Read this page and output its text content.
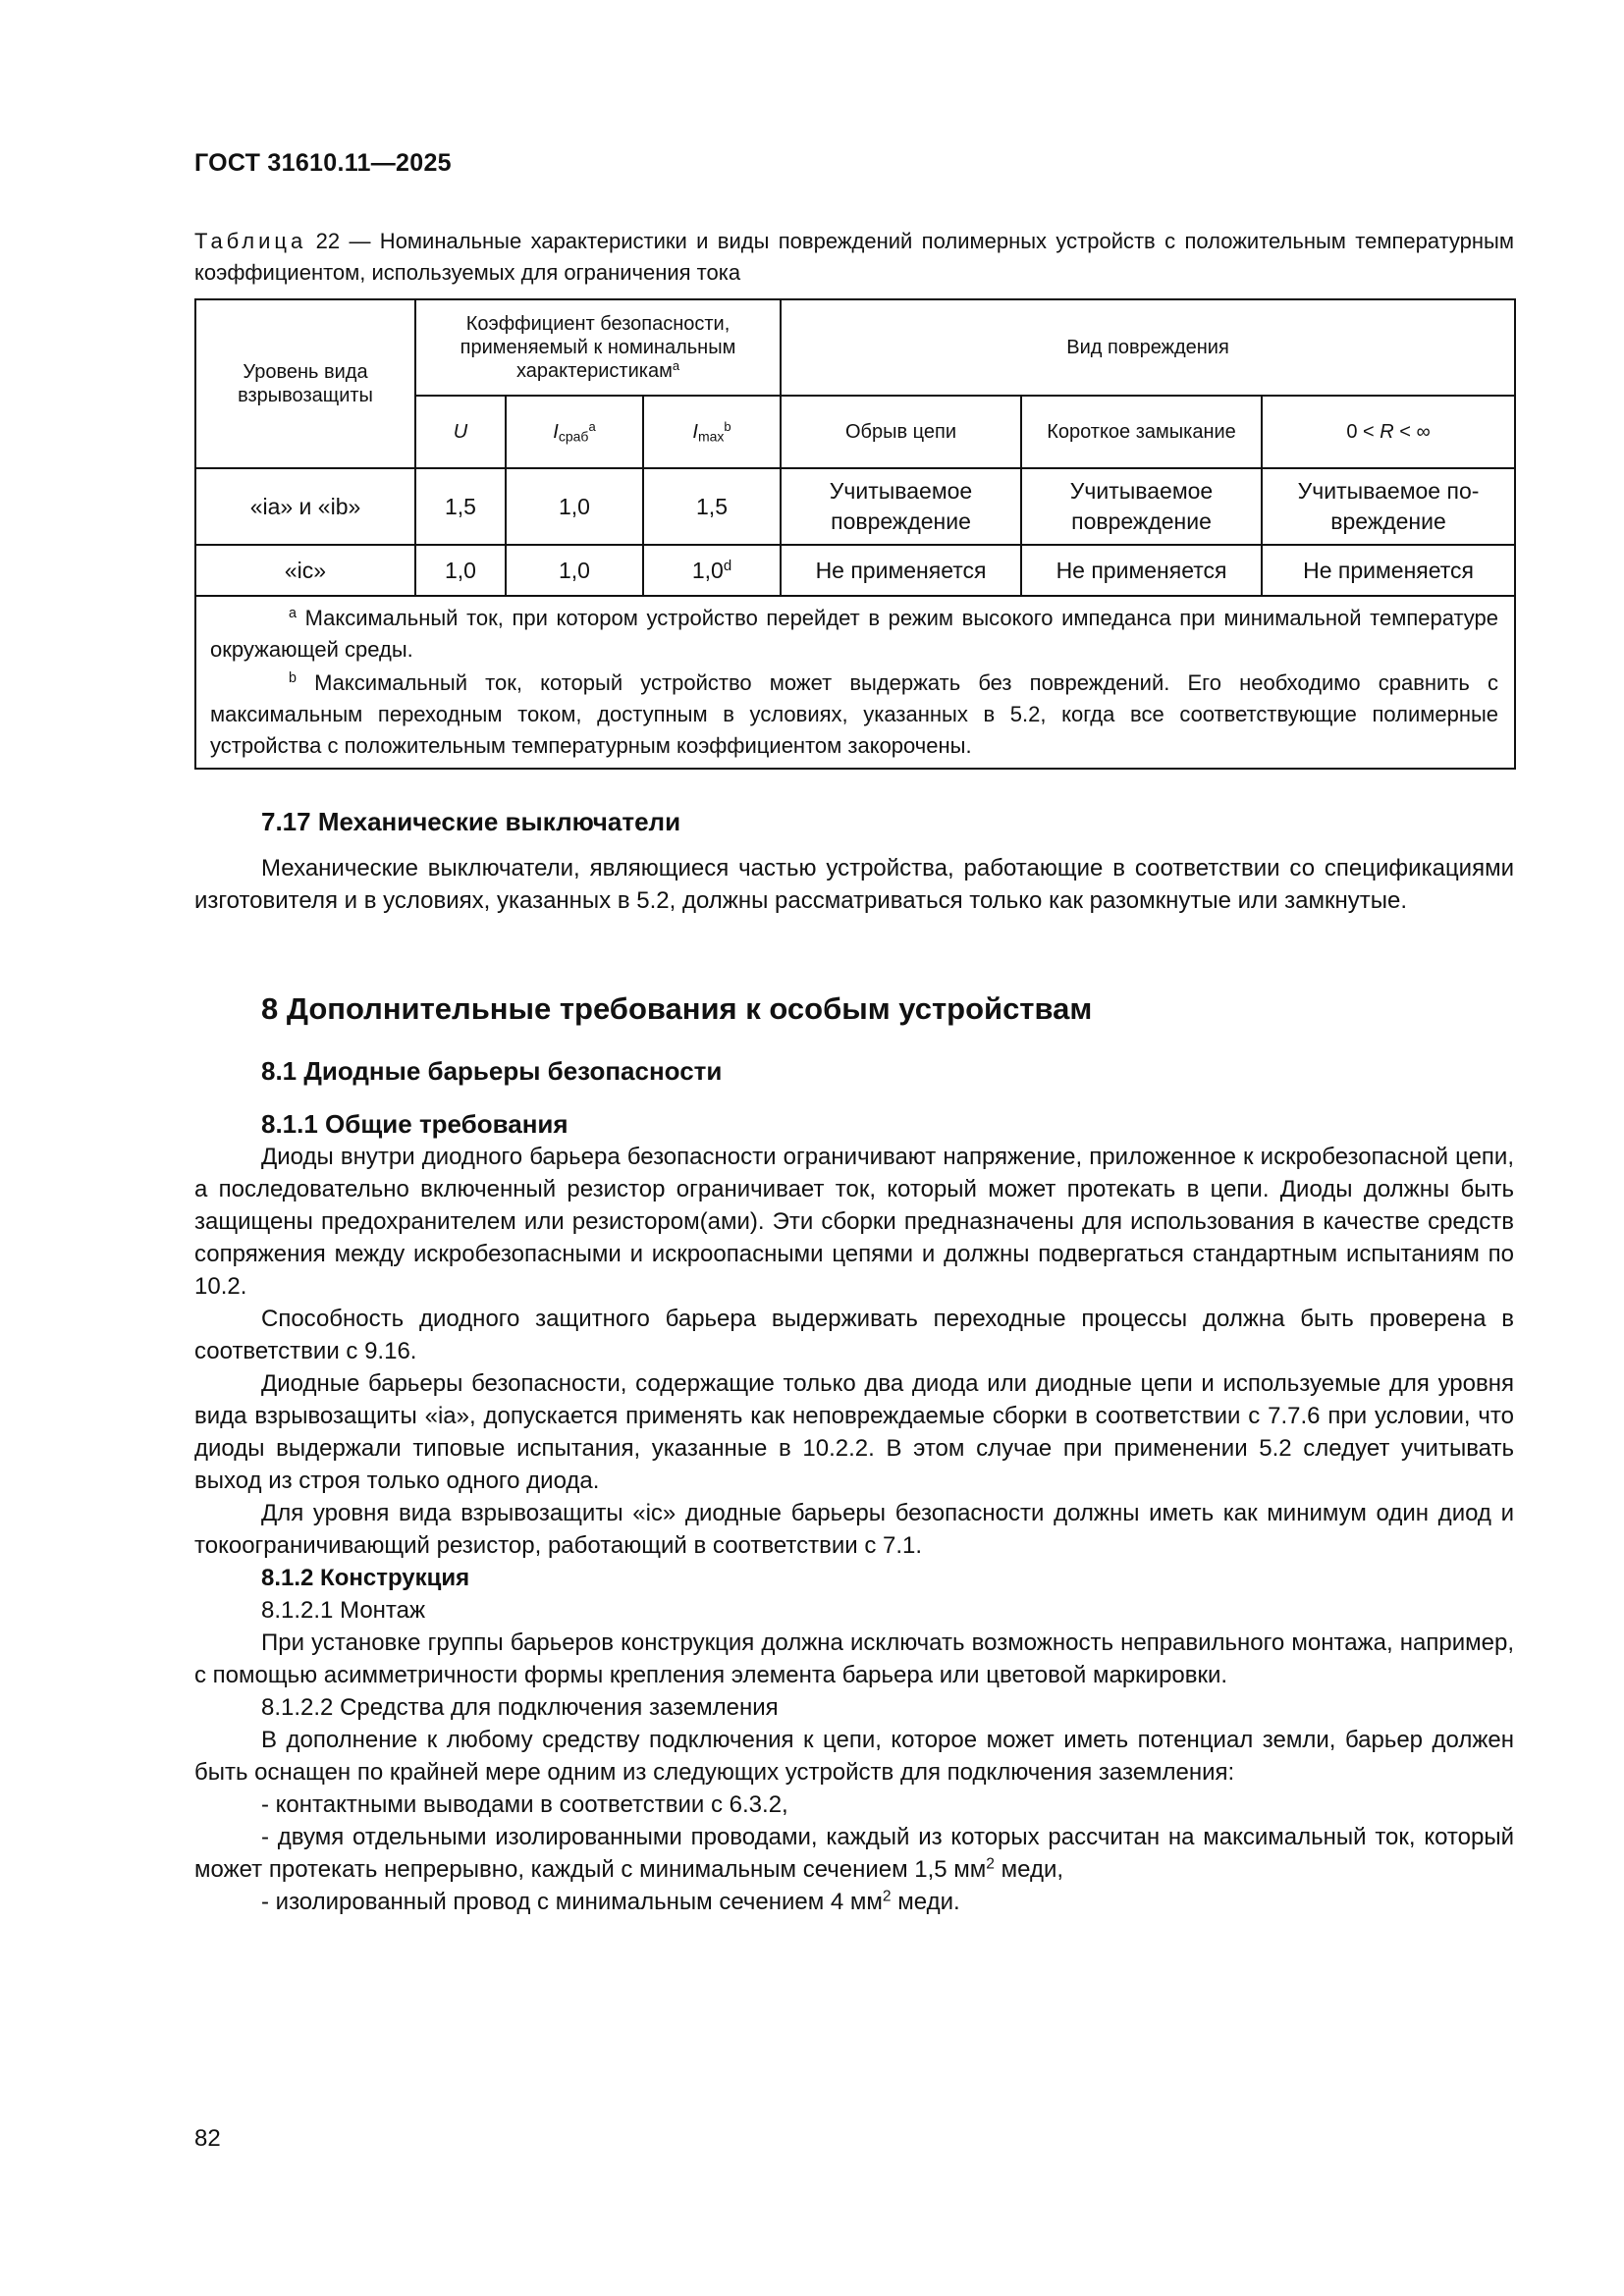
ГОСТ 31610.11—2025
Таблица 22 — Номинальные характеристики и виды повреждений полимерных устройств с положительным температурным коэффициентом, используемых для ограничения тока
Уровень вида взрывозащиты	Коэффициент безопасности, применяемый к номинальным характеристикам$^a$			Вид повреждения		
	U	$I_{сраб}^a$	$I_{max}^b$	Обрыв цепи	Короткое замыкание	0 < R < ∞
«ia» и «ib»	1,5	1,0	1,5	Учитываемое повреждение	Учитываемое повреждение	Учитываемое по-вреждение
«ic»	1,0	1,0	1,0$^d$	Не применяется	Не применяется	Не применяется

$^a$ Максимальный ток, при котором устройство перейдет в режим высокого импеданса при минимальной температуре окружающей среды.

$^b$ Максимальный ток, который устройство может выдержать без повреждений. Его необходимо сравнить с максимальным переходным током, доступным в условиях, указанных в 5.2, когда все соответствующие полимерные устройства с положительным температурным коэффициентом закорочены.						

7.17 Механические выключатели
Механические выключатели, являющиеся частью устройства, работающие в соответствии со спецификациями изготовителя и в условиях, указанных в 5.2, должны рассматриваться только как разомкнутые или замкнутые.
8 Дополнительные требования к особым устройствам
8.1 Диодные барьеры безопасности
8.1.1 Общие требования

Диоды внутри диодного барьера безопасности ограничивают напряжение, приложенное к искробезопасной цепи, а последовательно включенный резистор ограничивает ток, который может протекать в цепи. Диоды должны быть защищены предохранителем или резистором(ами). Эти сборки предназначены для использования в качестве средств сопряжения между искробезопасными и искроопасными цепями и должны подвергаться стандартным испытаниям по 10.2.

Способность диодного защитного барьера выдерживать переходные процессы должна быть проверена в соответствии с 9.16.

Диодные барьеры безопасности, содержащие только два диода или диодные цепи и используемые для уровня вида взрывозащиты «ia», допускается применять как неповреждаемые сборки в соответствии с 7.7.6 при условии, что диоды выдержали типовые испытания, указанные в 10.2.2. В этом случае при применении 5.2 следует учитывать выход из строя только одного диода.

Для уровня вида взрывозащиты «ic» диодные барьеры безопасности должны иметь как минимум один диод и токоограничивающий резистор, работающий в соответствии с 7.1.

8.1.2 Конструкция

8.1.2.1 Монтаж

При установке группы барьеров конструкция должна исключать возможность неправильного монтажа, например, с помощью асимметричности формы крепления элемента барьера или цветовой маркировки.

8.1.2.2 Средства для подключения заземления

В дополнение к любому средству подключения к цепи, которое может иметь потенциал земли, барьер должен быть оснащен по крайней мере одним из следующих устройств для подключения заземления:

- контактными выводами в соответствии с 6.3.2,

- двумя отдельными изолированными проводами, каждый из которых рассчитан на максимальный ток, который может протекать непрерывно, каждый с минимальным сечением 1,5 $мм^2$ меди,

- изолированный провод с минимальным сечением 4 $мм^2$ меди.

82
